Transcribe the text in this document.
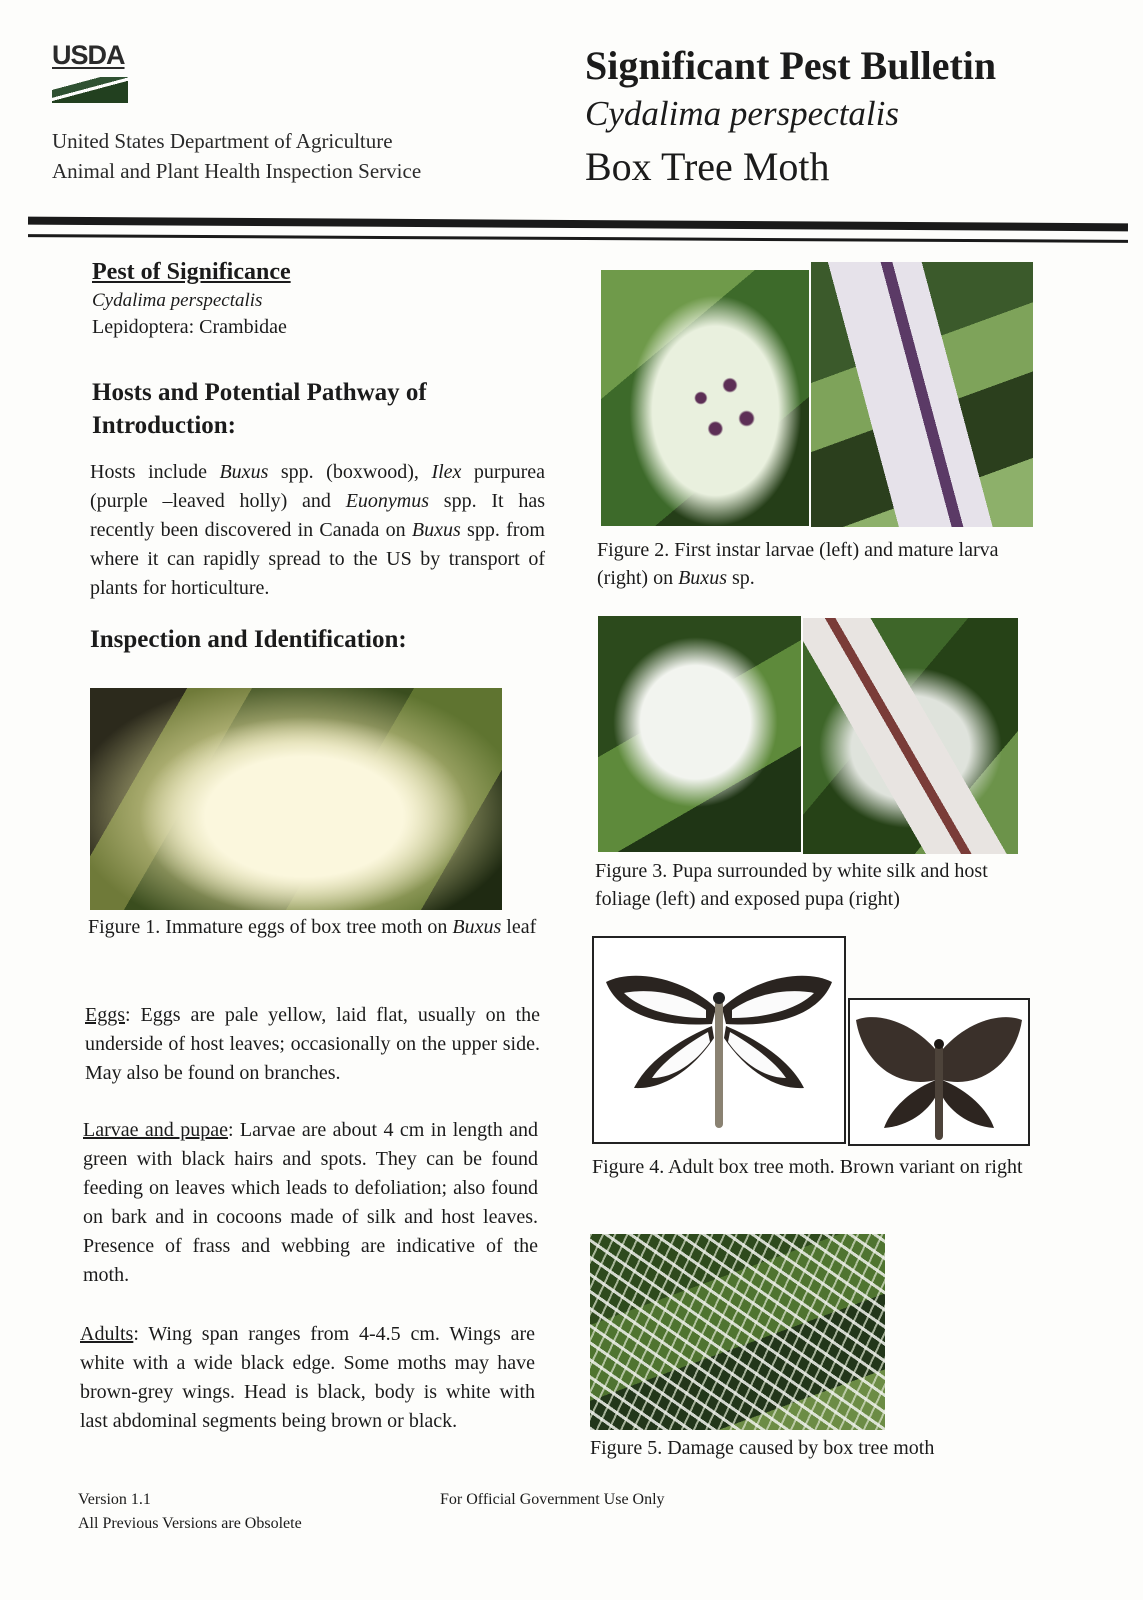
USDA
United States Department of Agriculture
Animal and Plant Health Inspection Service
Significant Pest Bulletin
Cydalima perspectalis
Box Tree Moth
Pest of Significance
Cydalima perspectalis
Lepidoptera: Crambidae
Hosts and Potential Pathway of Introduction:
Hosts include Buxus spp. (boxwood), Ilex purpurea (purple –leaved holly) and Euonymus spp. It has recently been discovered in Canada on Buxus spp. from where it can rapidly spread to the US by transport of plants for horticulture.
Inspection and Identification:
Figure 1. Immature eggs of box tree moth on Buxus leaf
Eggs: Eggs are pale yellow, laid flat, usually on the underside of host leaves; occasionally on the upper side. May also be found on branches.
Larvae and pupae: Larvae are about 4 cm in length and green with black hairs and spots. They can be found feeding on leaves which leads to defoliation; also found on bark and in cocoons made of silk and host leaves. Presence of frass and webbing are indicative of the moth.
Adults: Wing span ranges from 4-4.5 cm. Wings are white with a wide black edge. Some moths may have brown-grey wings. Head is black, body is white with last abdominal segments being brown or black.
Figure 2. First instar larvae (left) and mature larva (right) on Buxus sp.
Figure 3. Pupa surrounded by white silk and host foliage (left) and exposed pupa (right)
Figure 4. Adult box tree moth. Brown variant on right
Figure 5. Damage caused by box tree moth
Version 1.1
All Previous Versions are Obsolete
For Official Government Use Only
